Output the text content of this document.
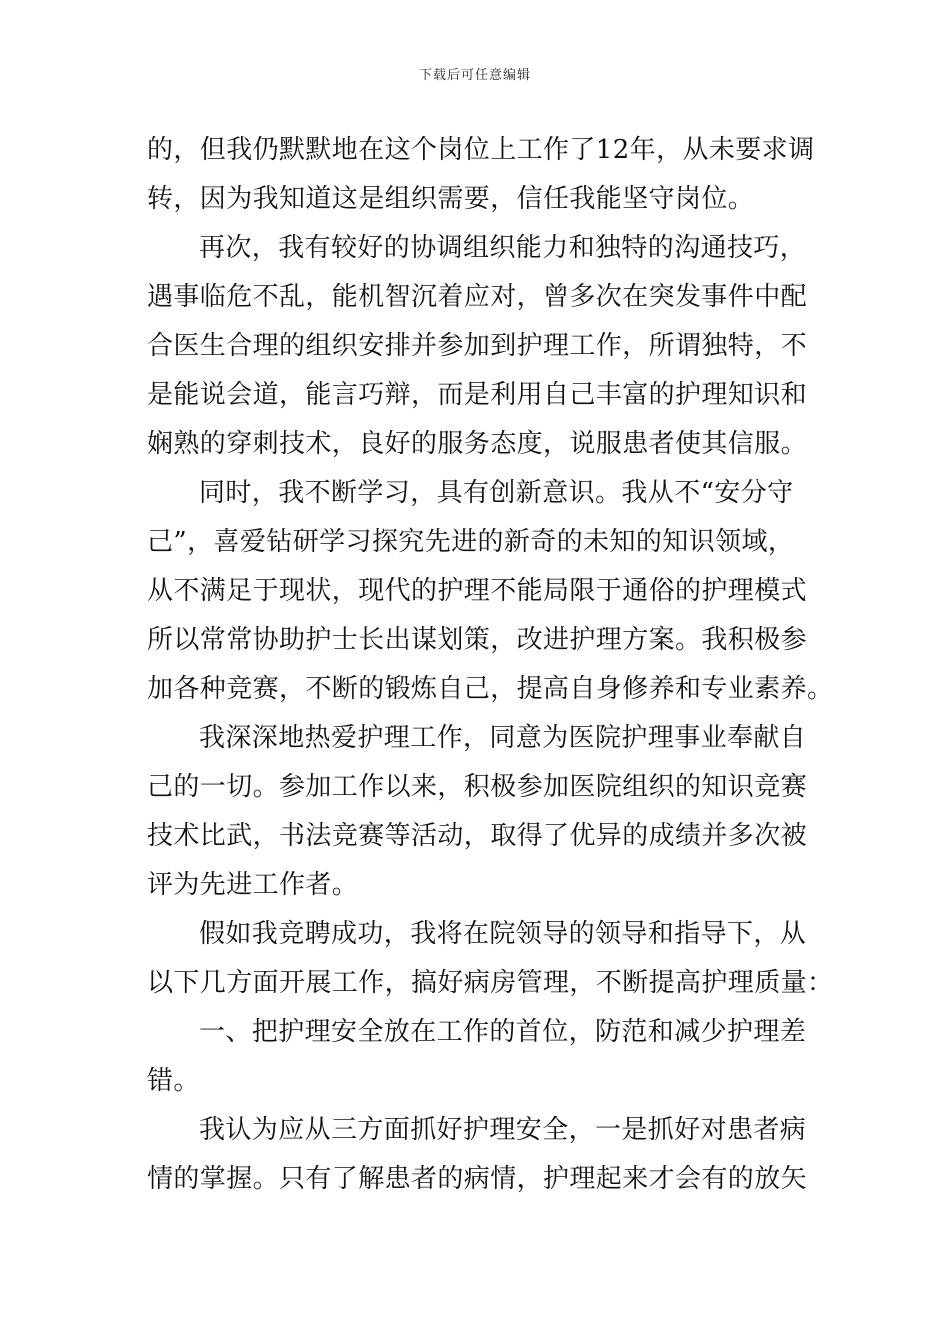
下载后可任意编辑
的，但我仍默默地在这个岗位上工作了12年，从未要求调
转，因为我知道这是组织需要，信任我能坚守岗位。
再次，我有较好的协调组织能力和独特的沟通技巧，
遇事临危不乱，能机智沉着应对，曾多次在突发事件中配
合医生合理的组织安排并参加到护理工作，所谓独特，不
是能说会道，能言巧辩，而是利用自己丰富的护理知识和
娴熟的穿刺技术，良好的服务态度，说服患者使其信服。
同时，我不断学习，具有创新意识。我从不“安分守
己”，喜爱钻研学习探究先进的新奇的未知的知识领域，
从不满足于现状，现代的护理不能局限于通俗的护理模式
所以常常协助护士长出谋划策，改进护理方案。我积极参
加各种竞赛，不断的锻炼自己，提高自身修养和专业素养。
我深深地热爱护理工作，同意为医院护理事业奉献自
己的一切。参加工作以来，积极参加医院组织的知识竞赛
技术比武，书法竞赛等活动，取得了优异的成绩并多次被
评为先进工作者。
假如我竞聘成功，我将在院领导的领导和指导下，从
以下几方面开展工作，搞好病房管理，不断提高护理质量：
一、把护理安全放在工作的首位，防范和减少护理差
错。
我认为应从三方面抓好护理安全，一是抓好对患者病
情的掌握。只有了解患者的病情，护理起来才会有的放矢
